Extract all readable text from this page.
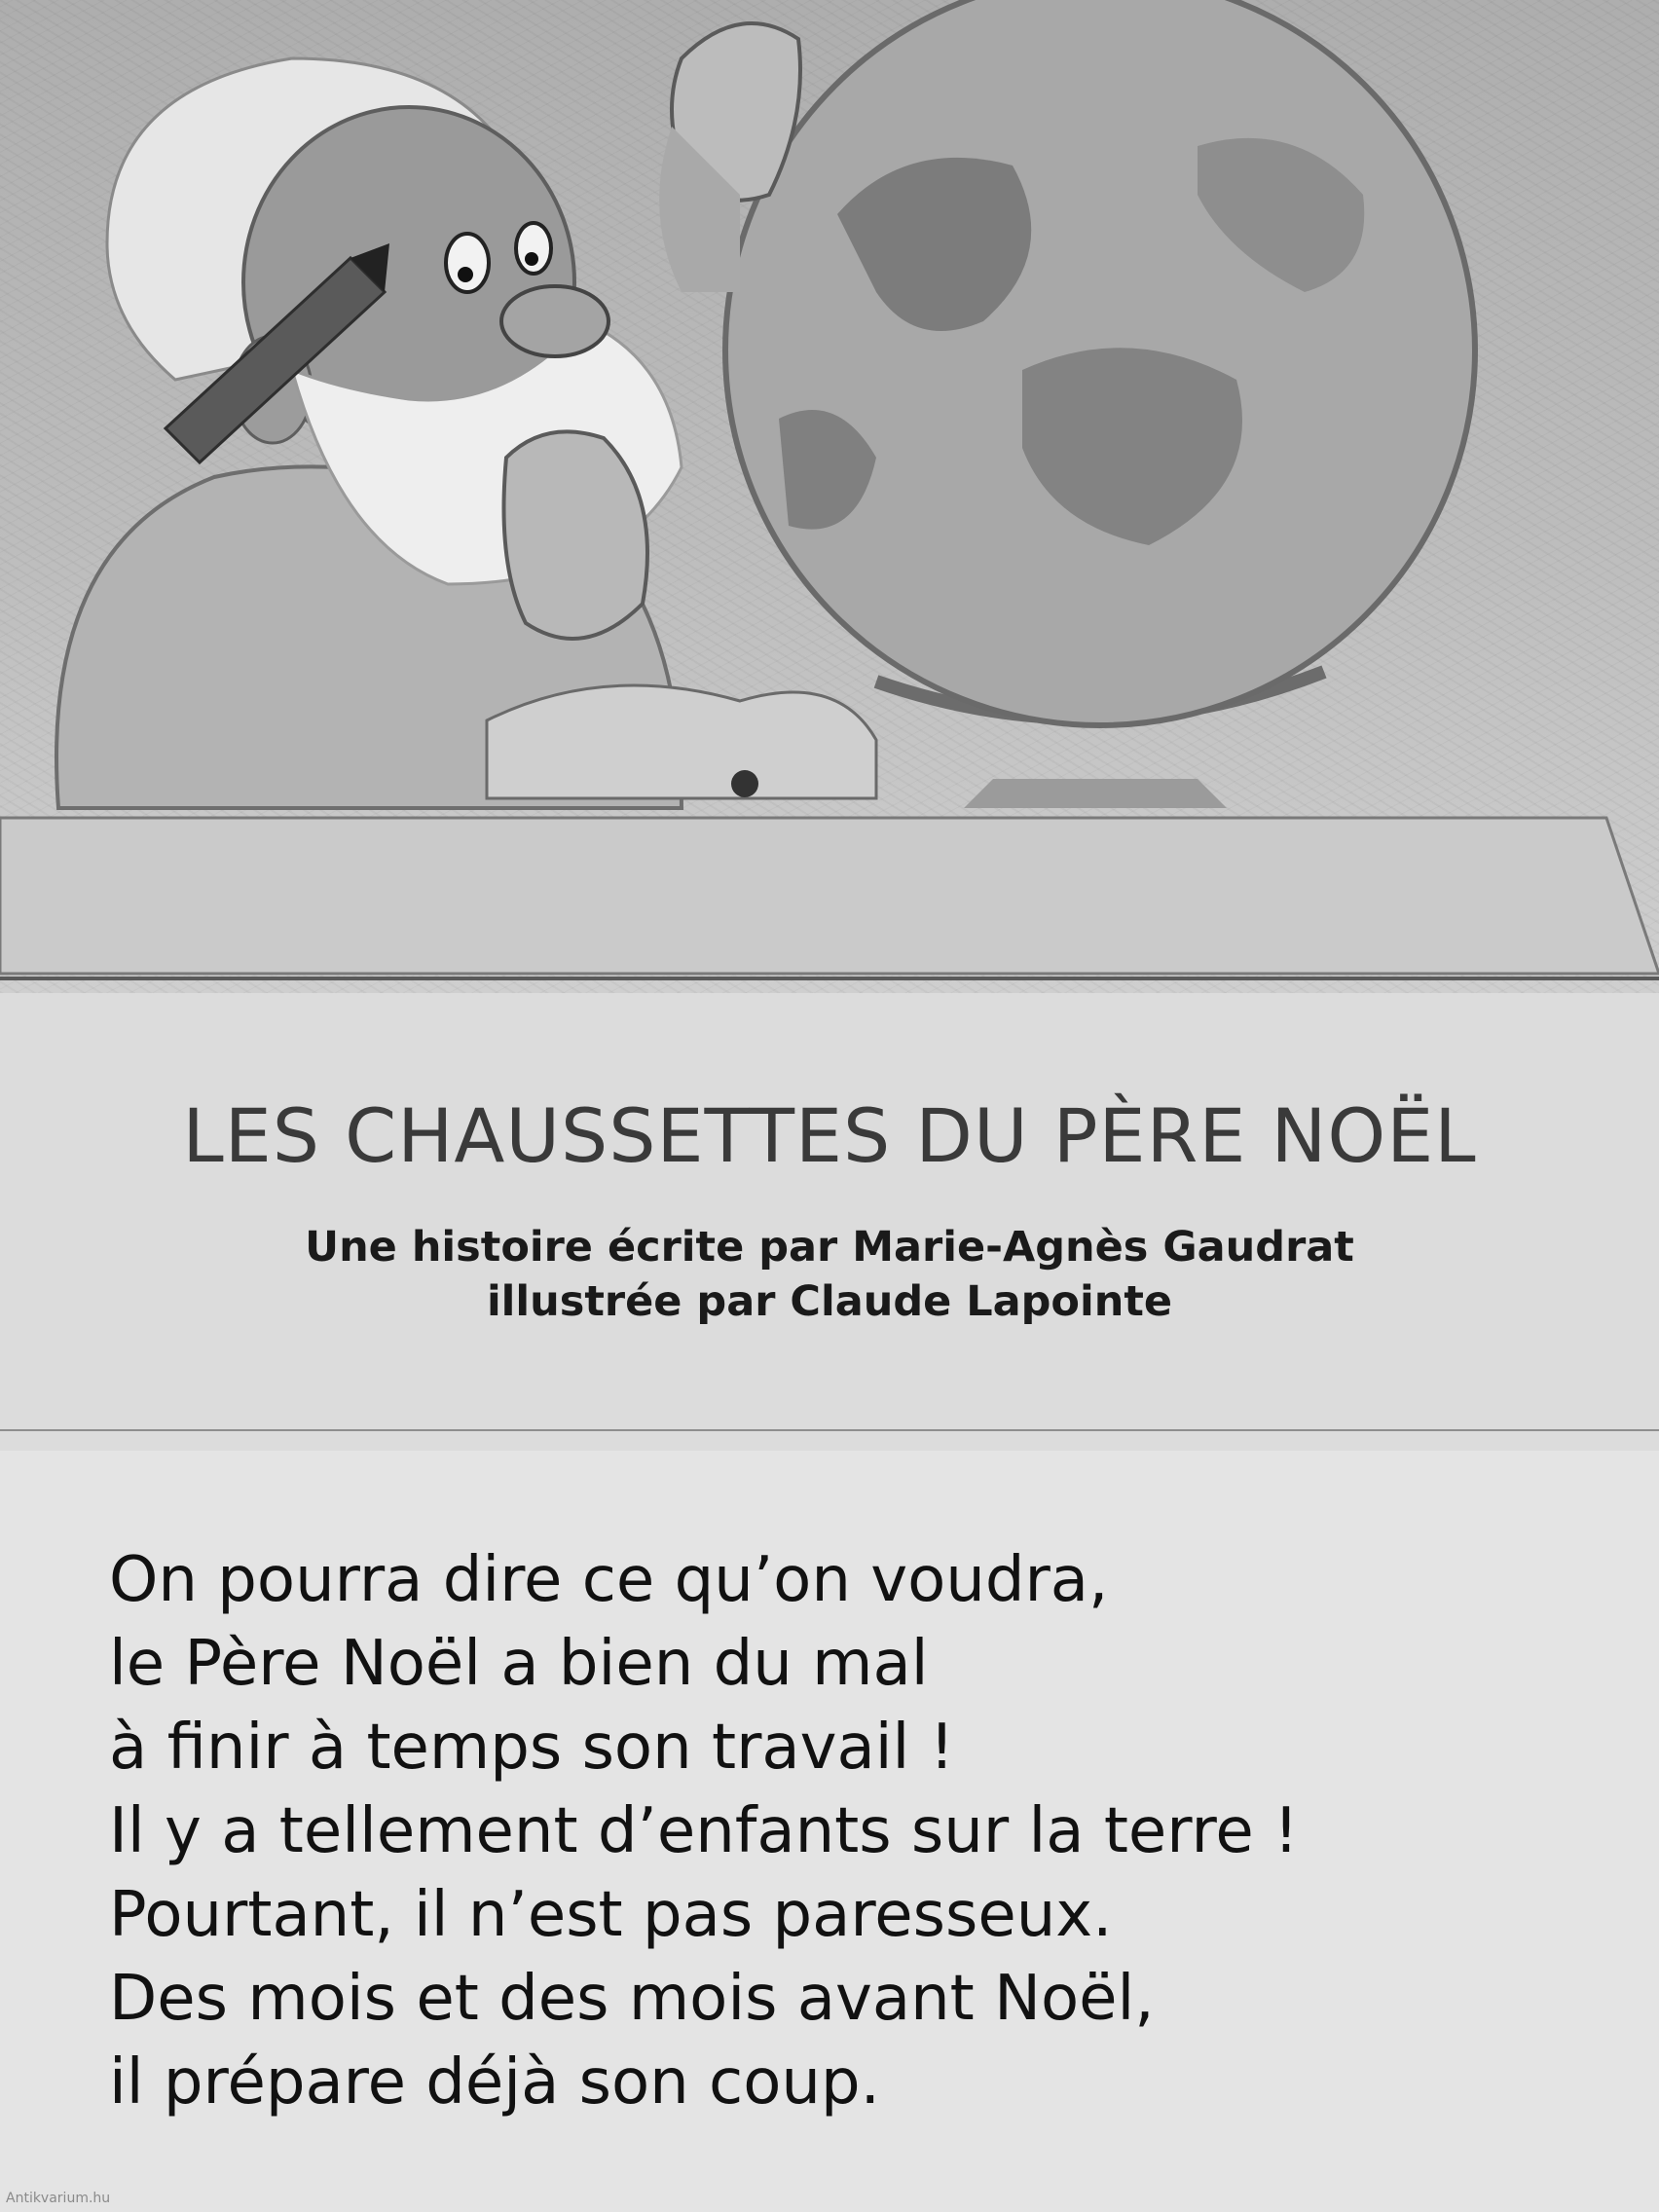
LES CHAUSSETTES DU PÈRE NOËL

Une histoire écrite par Marie-Agnès Gaudrat

illustrée par Claude Lapointe

On pourra dire ce qu’on voudra,
le Père Noël a bien du mal
à finir à temps son travail !
Il y a tellement d’enfants sur la terre !
Pourtant, il n’est pas paresseux.
Des mois et des mois avant Noël,
il prépare déjà son coup.
Antikvarium.hu
